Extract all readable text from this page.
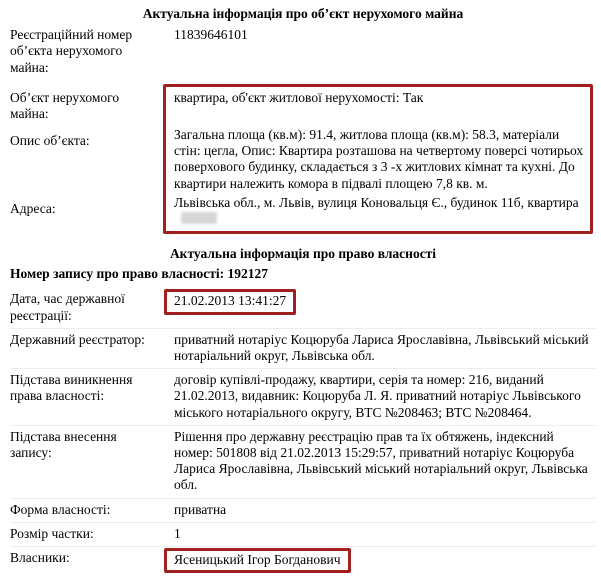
Актуальна інформація про об’єкт нерухомого майна
Реєстраційний номер об’єкта нерухомого майна:
11839646101
Об’єкт нерухомого майна:
квартира, об'єкт житлової нерухомості: Так
Опис об’єкта:	Загальна площа (кв.м): 91.4, житлова площа (кв.м): 58.3, матеріали стін: цегла, Опис: Квартира розташова на четвертому поверсі чотирьох поверхового будинку, складається з 3 -х житлових кімнат та кухні. До квартири належить комора в підвалі площею 7,8 кв. м.
Адреса:	Львівська обл., м. Львів, вулиця Коновальця Є., будинок 11б, квартира
Актуальна інформація про право власності
Номер запису про право власності: 192127
Дата, час державної реєстрації:
21.02.2013 13:41:27
Державний реєстратор:	приватний нотаріус Коцюруба Лариса Ярославівна, Львівський міський нотаріальний округ, Львівська обл.
Підстава виникнення права власності:
договір купівлі-продажу, квартири, серія та номер: 216, виданий 21.02.2013, видавник: Коцюруба Л. Я. приватний нотаріус Львівського міського нотаріального округу, ВТС №208463; ВТС №208464.
Підстава внесення запису:
Рішення про державну реєстрацію прав та їх обтяжень, індексний номер: 501808 від 21.02.2013 15:29:57, приватний нотаріус Коцюруба Лариса Ярославівна, Львівський міський нотаріальний округ, Львівська обл.
Форма власності:	приватна
Розмір частки:	1
Власники:	Ясеницький Ігор Богданович
